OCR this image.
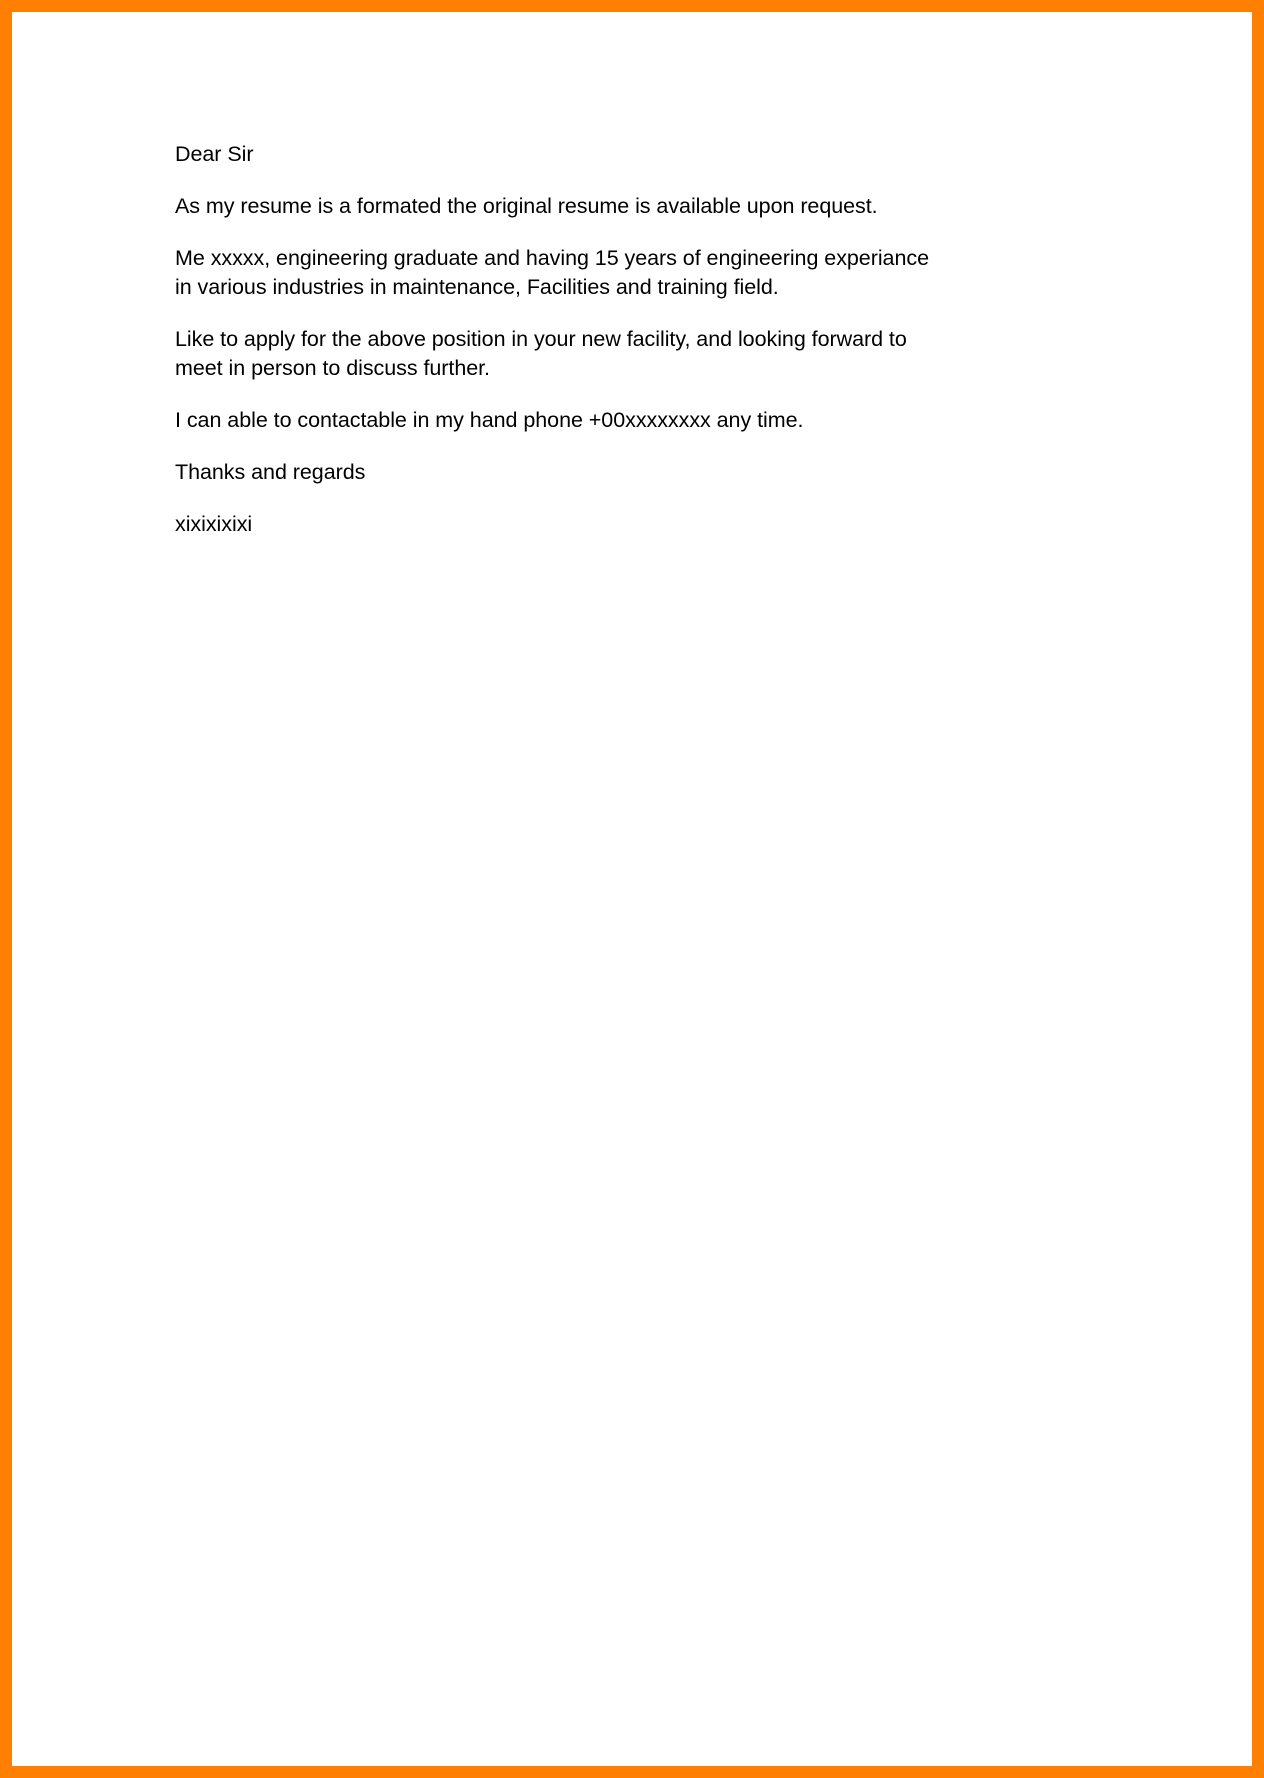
Dear Sir

As my resume is a formated the original resume is available upon request.

Me xxxxx, engineering graduate and having 15 years of engineering experiance in various industries in maintenance, Facilities and training field.

Like to apply for the above position in your new facility, and looking forward to meet in person to discuss further.

I can able to contactable in my hand phone +00xxxxxxxx any time.

Thanks and regards

xixixixixi
